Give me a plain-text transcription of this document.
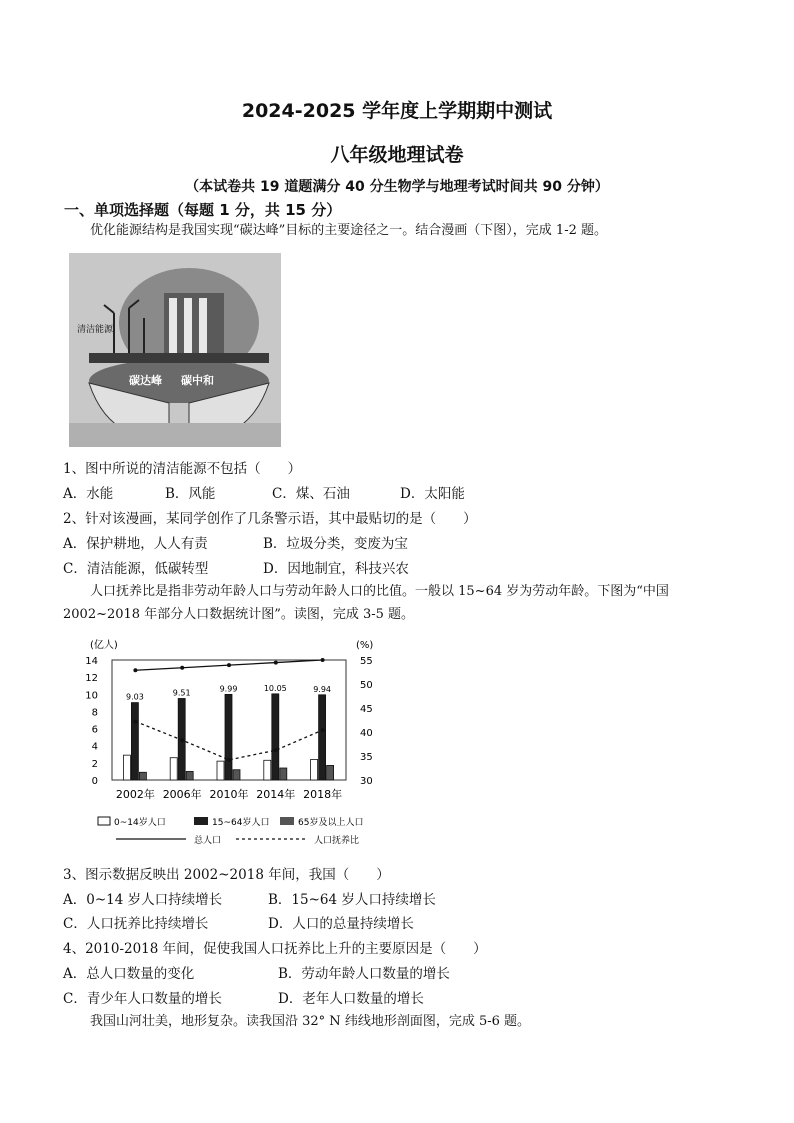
2024-2025 学年度上学期期中测试
八年级地理试卷
（本试卷共 19 道题满分 40 分生物学与地理考试时间共 90 分钟）
一、单项选择题（每题 1 分，共 15 分）
优化能源结构是我国实现“碳达峰”目标的主要途径之一。结合漫画（下图），完成 1-2 题。
清洁能源
碳达峰 碳中和
1、图中所说的清洁能源不包括（　　）
A．水能	B．风能	C．煤、石油	D．太阳能
2、针对该漫画，某同学创作了几条警示语，其中最贴切的是（　　）
A．保护耕地，人人有责	B．垃圾分类，变废为宝
C．清洁能源，低碳转型	D．因地制宜，科技兴农
人口抚养比是指非劳动年龄人口与劳动年龄人口的比值。一般以 15~64 岁为劳动年龄。下图为“中国
2002~2018 年部分人口数据统计图”。读图，完成 3-5 题。
(亿人)	(%)
0
2
4
6
8
10
12
14
30
35
40
45
50
55
9.03	9.51	9.99	10.05	9.94
2002年 2006年 2010年 2014年 2018年
0~14岁人口	15~64岁人口	65岁及以上人口
总人口	人口抚养比
3、图示数据反映出 2002~2018 年间，我国（　　）
A．0~14 岁人口持续增长	B．15~64 岁人口持续增长
C．人口抚养比持续增长	D．人口的总量持续增长
4、2010-2018 年间，促使我国人口抚养比上升的主要原因是（　　）
A．总人口数量的变化	B．劳动年龄人口数量的增长
C．青少年人口数量的增长	D．老年人口数量的增长
我国山河壮美，地形复杂。读我国沿 32° N 纬线地形剖面图，完成 5-6 题。
